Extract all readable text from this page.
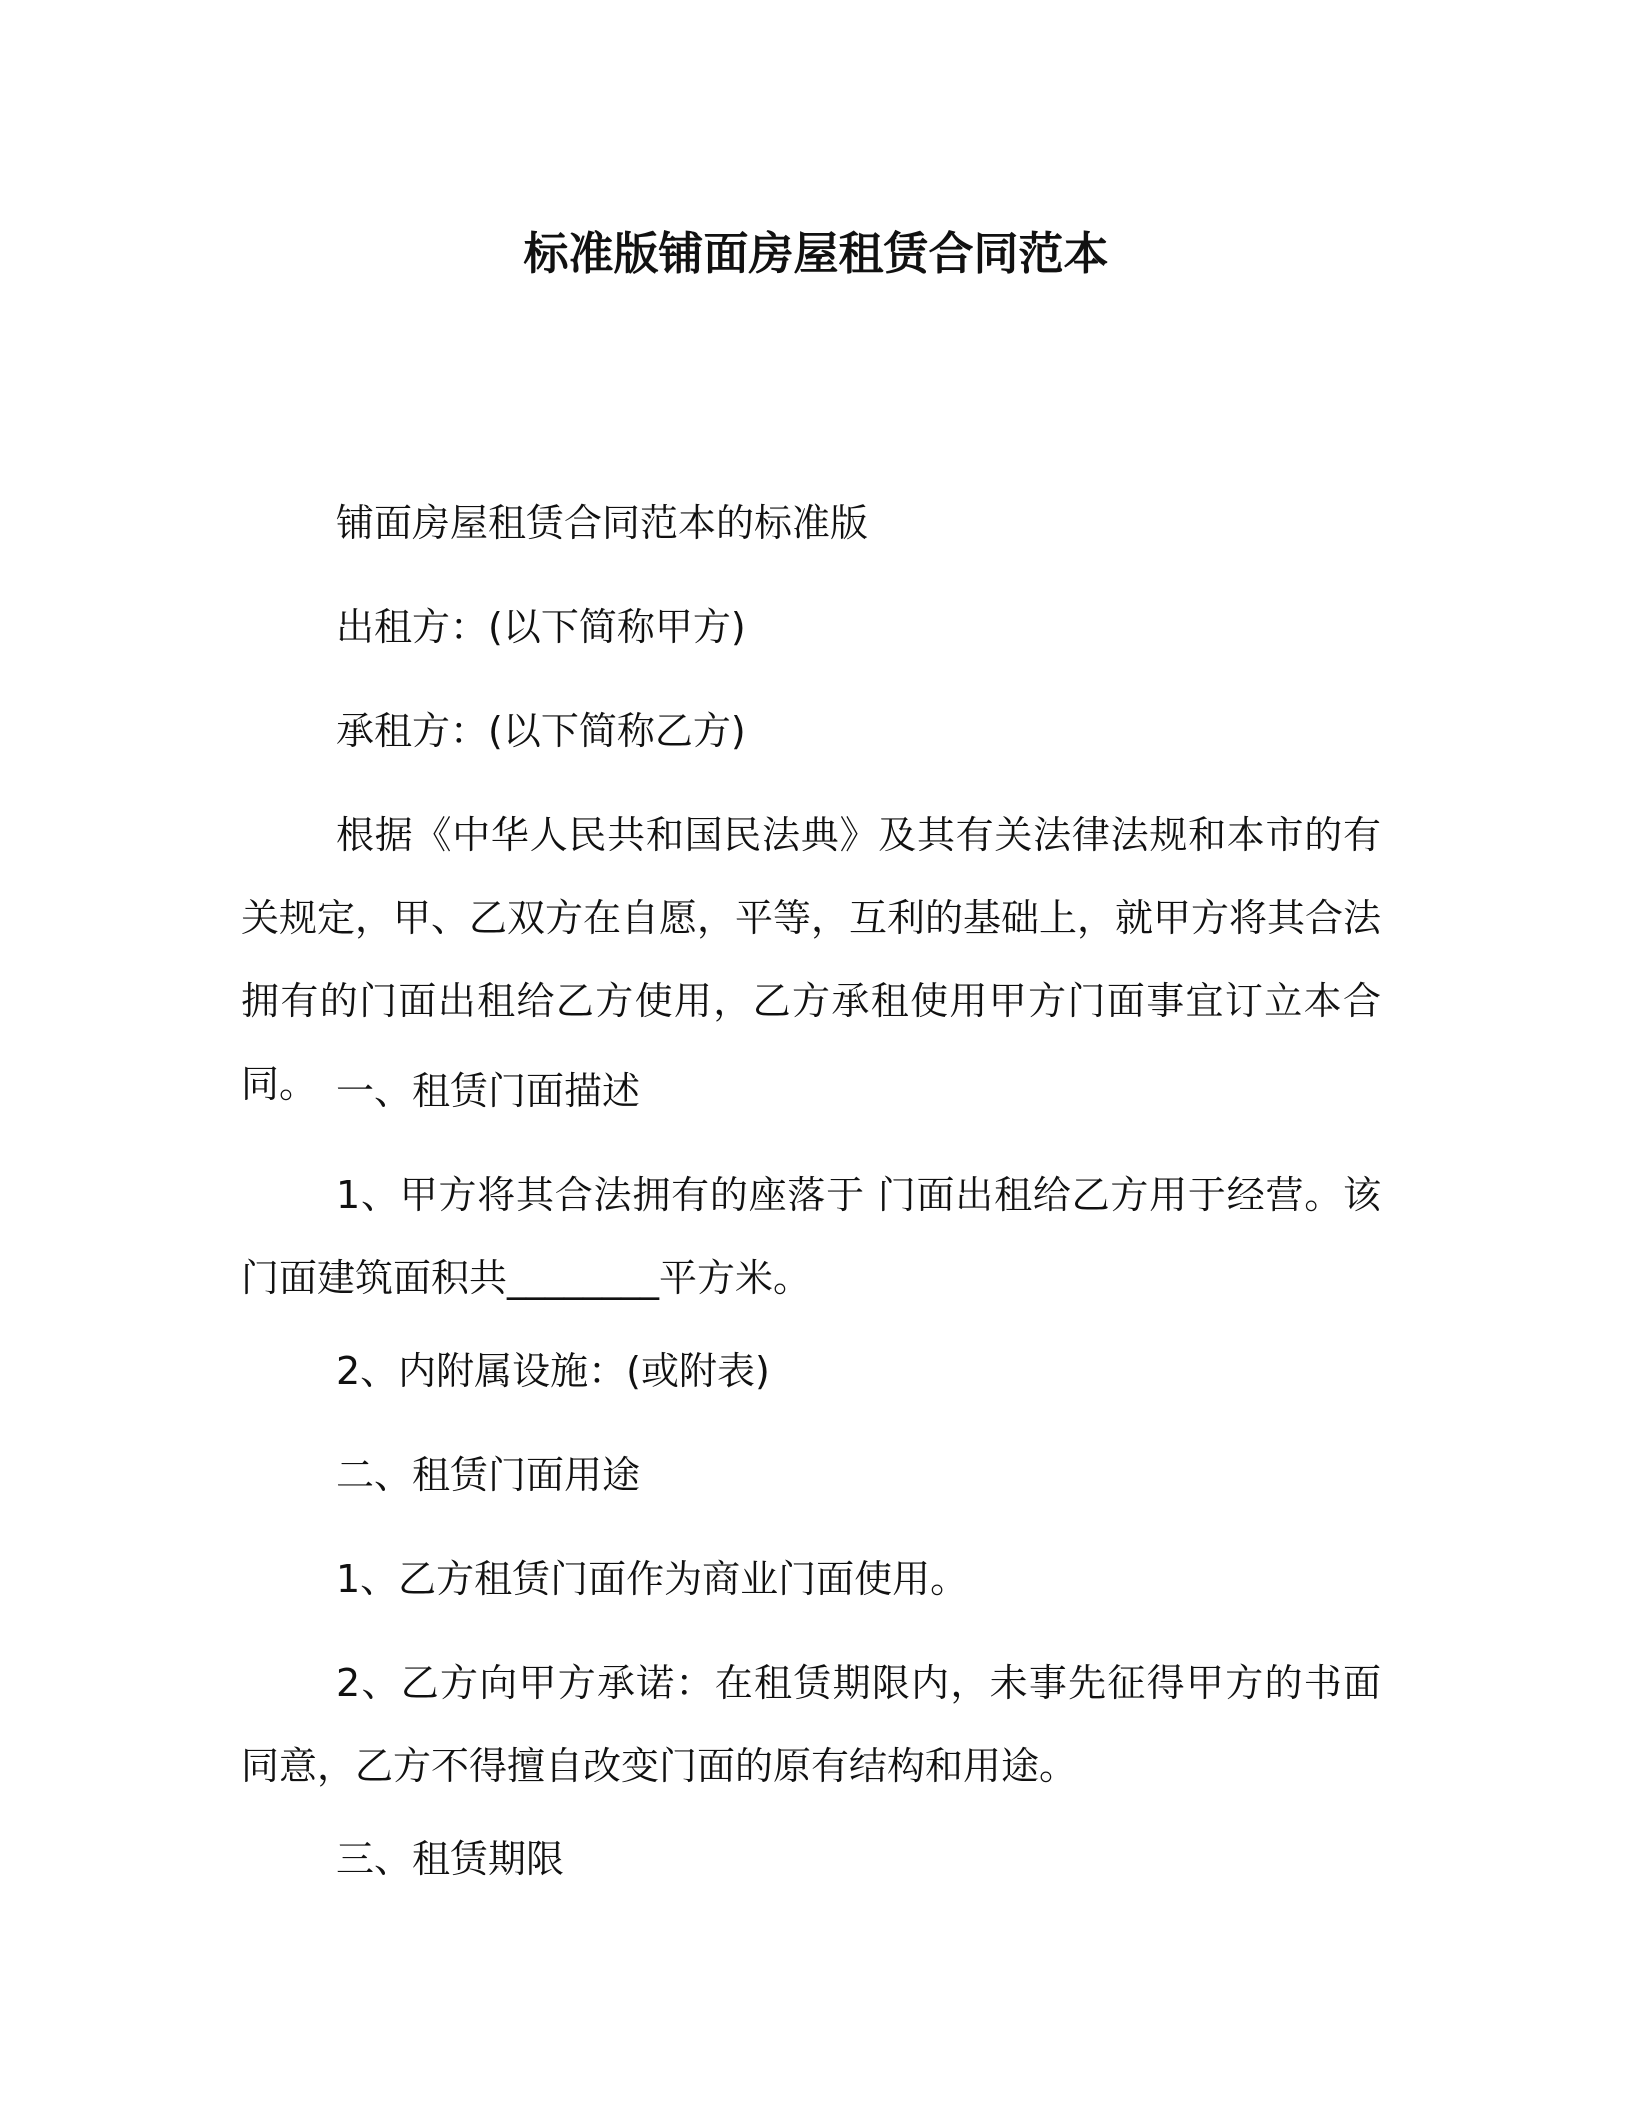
标准版铺面房屋租赁合同范本

铺面房屋租赁合同范本的标准版

出租方：(以下简称甲方)

承租方：(以下简称乙方)

根据《中华人民共和国民法典》及其有关法律法规和本市的有关规定，甲、乙双方在自愿，平等，互利的基础上，就甲方将其合法拥有的门面出租给乙方使用，乙方承租使用甲方门面事宜订立本合同。 一、租赁门面描述

1、甲方将其合法拥有的座落于 门面出租给乙方用于经营。该门面建筑面积共________平方米。

2、内附属设施：(或附表)

二、租赁门面用途

1、乙方租赁门面作为商业门面使用。

2、乙方向甲方承诺：在租赁期限内，未事先征得甲方的书面同意，乙方不得擅自改变门面的原有结构和用途。

三、租赁期限
